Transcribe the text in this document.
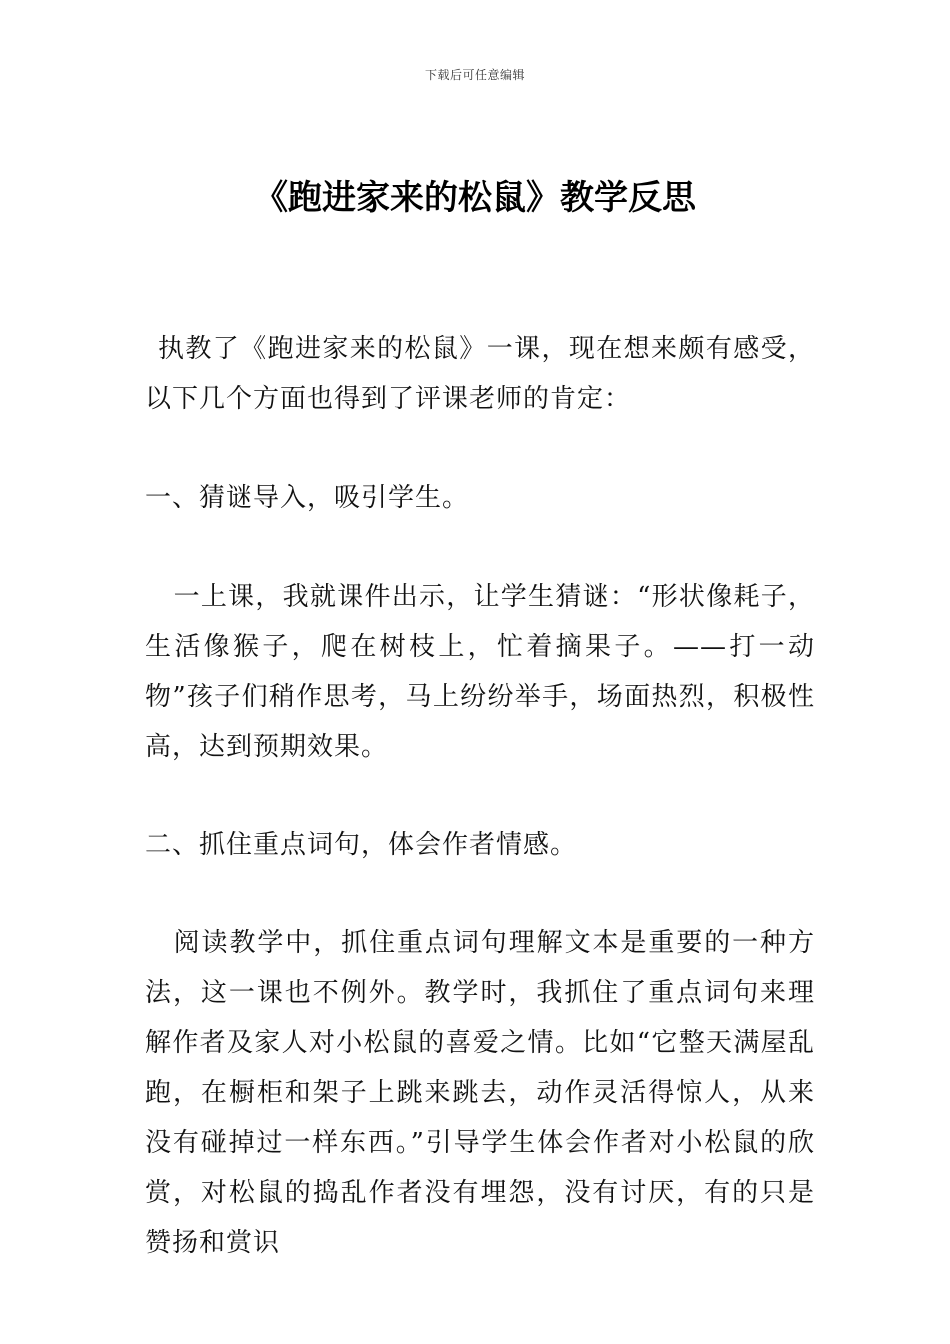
下载后可任意编辑
《跑进家来的松鼠》教学反思
执教了《跑进家来的松鼠》一课，现在想来颇有感受，以下几个方面也得到了评课老师的肯定：
一、猜谜导入，吸引学生。
一上课，我就课件出示，让学生猜谜：“形状像耗子，生活像猴子，爬在树枝上，忙着摘果子。——打一动物”孩子们稍作思考，马上纷纷举手，场面热烈，积极性高，达到预期效果。
二、抓住重点词句，体会作者情感。
阅读教学中，抓住重点词句理解文本是重要的一种方法，这一课也不例外。教学时，我抓住了重点词句来理解作者及家人对小松鼠的喜爱之情。比如“它整天满屋乱跑，在橱柜和架子上跳来跳去，动作灵活得惊人，从来没有碰掉过一样东西。”引导学生体会作者对小松鼠的欣赏，对松鼠的捣乱作者没有埋怨，没有讨厌，有的只是赞扬和赏识
